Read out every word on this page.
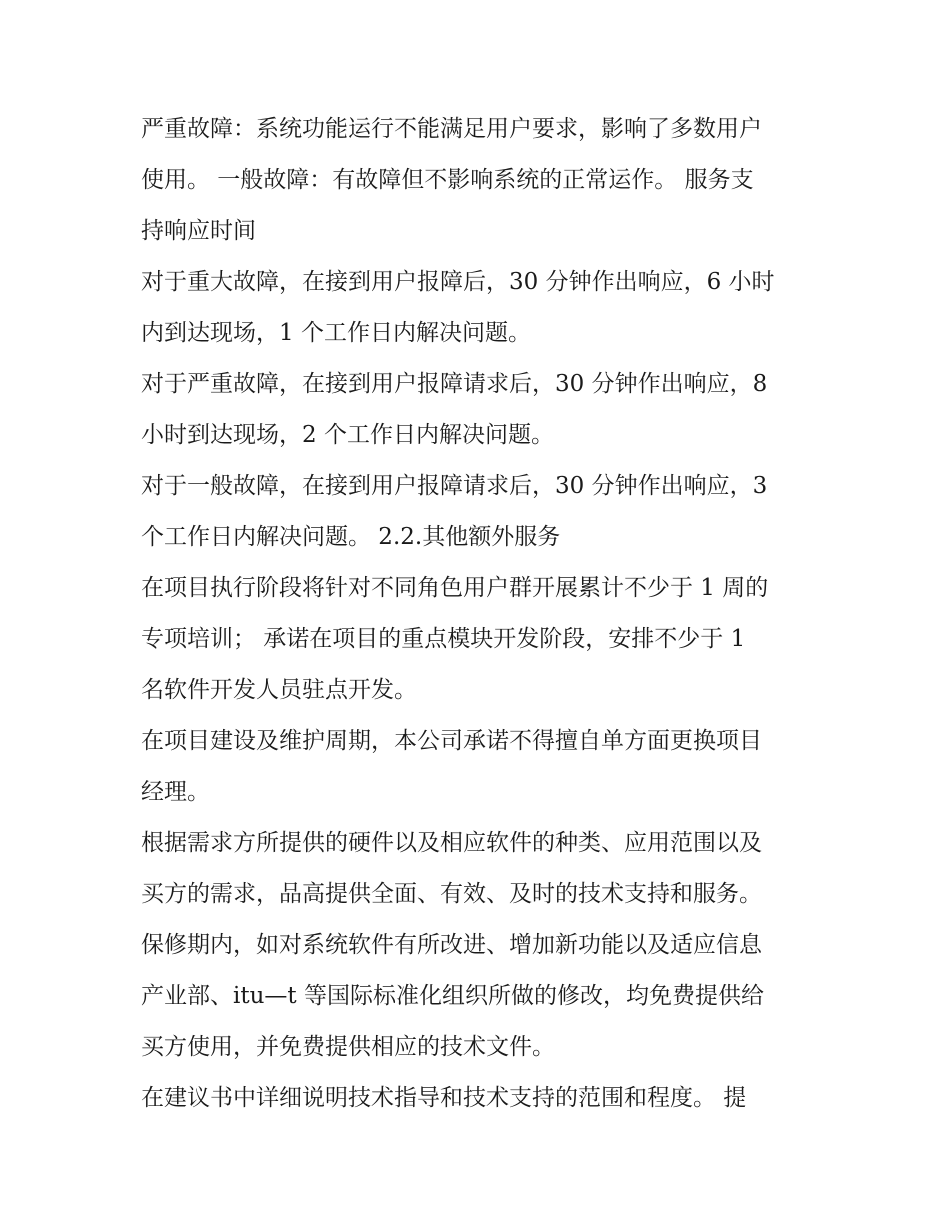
严重故障：系统功能运行不能满足用户要求，影响了多数用户
使用。 一般故障：有故障但不影响系统的正常运作。 服务支
持响应时间
对于重大故障，在接到用户报障后，30 分钟作出响应，6 小时
内到达现场，1 个工作日内解决问题。
对于严重故障，在接到用户报障请求后，30 分钟作出响应，8
小时到达现场，2 个工作日内解决问题。
对于一般故障，在接到用户报障请求后，30 分钟作出响应，3
个工作日内解决问题。 2.2.其他额外服务
在项目执行阶段将针对不同角色用户群开展累计不少于 1 周的
专项培训； 承诺在项目的重点模块开发阶段，安排不少于 1
名软件开发人员驻点开发。
在项目建设及维护周期，本公司承诺不得擅自单方面更换项目
经理。
根据需求方所提供的硬件以及相应软件的种类、应用范围以及
买方的需求，品高提供全面、有效、及时的技术支持和服务。
保修期内，如对系统软件有所改进、增加新功能以及适应信息
产业部、itu—t 等国际标准化组织所做的修改，均免费提供给
买方使用，并免费提供相应的技术文件。
在建议书中详细说明技术指导和技术支持的范围和程度。 提
